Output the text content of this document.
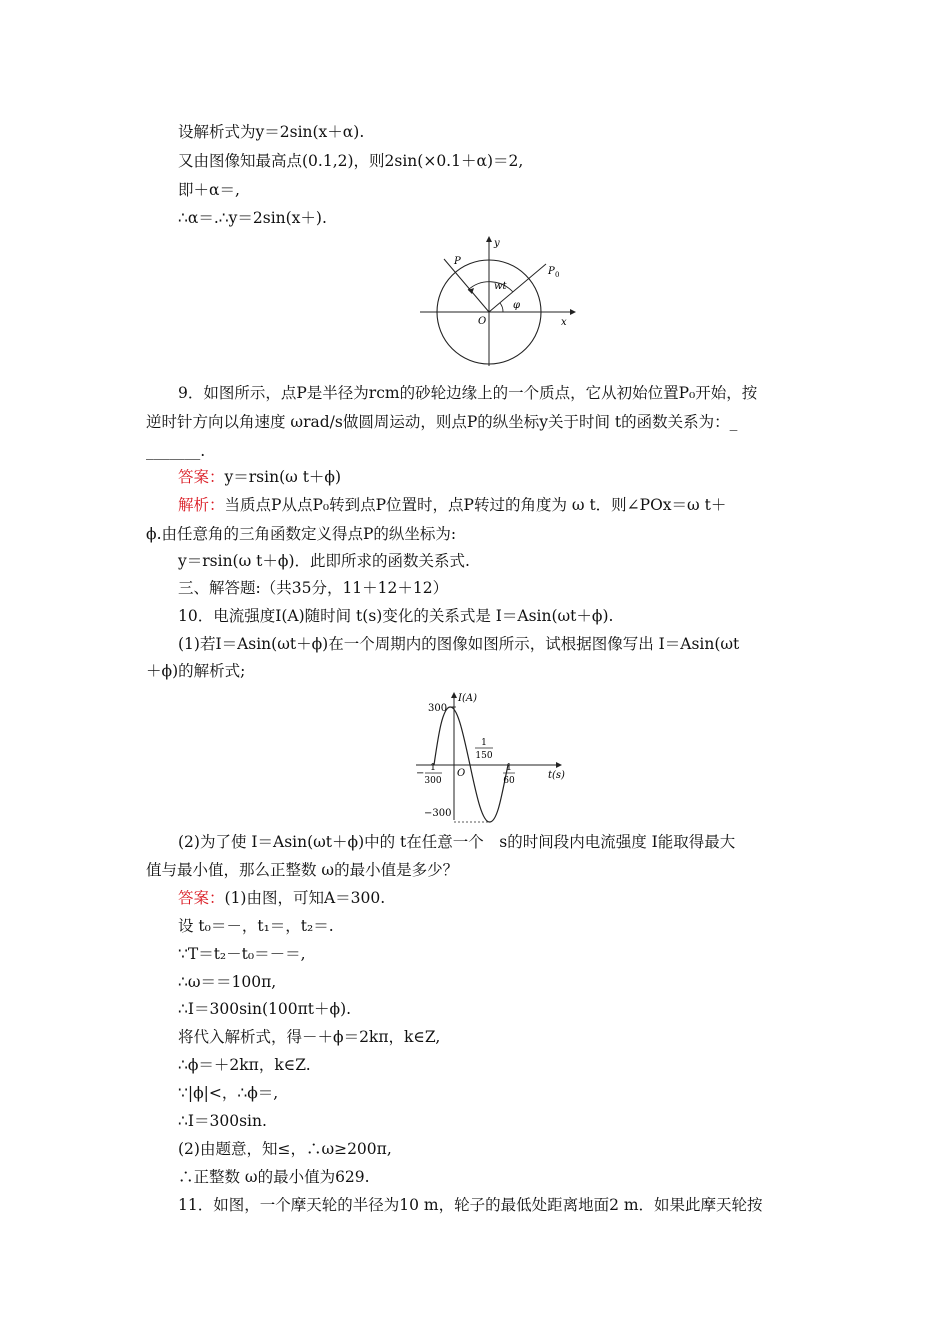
设解析式为y＝2sin(x＋α).
又由图像知最高点(0.1,2)，则2sin(×0.1＋α)＝2,
即＋α＝,
∴α＝.∴y＝2sin(x＋).
y
x
O
P
P 0
wt
φ
9．如图所示，点P是半径为rcm的砂轮边缘上的一个质点，它从初始位置P₀开始，按
逆时针方向以角速度 ωrad/s做圆周运动，则点P的纵坐标y关于时间 t的函数关系为：_
_______.
答案：y＝rsin(ω t＋ϕ)
解析：当质点P从点P₀转到点P位置时，点P转过的角度为 ω t．则∠POx＝ω t＋
ϕ.由任意角的三角函数定义得点P的纵坐标为:
y＝rsin(ω t＋ϕ)．此即所求的函数关系式.
三、解答题:（共35分，11＋12＋12）
10．电流强度I(A)随时间 t(s)变化的关系式是 I＝Asin(ωt＋ϕ).
(1)若I＝Asin(ωt＋ϕ)在一个周期内的图像如图所示，试根据图像写出 I＝Asin(ωt
＋ϕ)的解析式;
I(A)
t(s)
300
−300
O
− 1
300
1
150
1
60
(2)为了使 I＝Asin(ωt＋ϕ)中的 t在任意一个　s的时间段内电流强度 I能取得最大
值与最小值，那么正整数 ω的最小值是多少？
答案：(1)由图，可知A＝300.
设 t₀＝－，t₁＝，t₂＝.
∵T＝t₂－t₀＝－＝,
∴ω＝＝100π,
∴I＝300sin(100πt＋ϕ).
将代入解析式，得－＋ϕ＝2kπ，k∈Z,
∴ϕ＝＋2kπ，k∈Z.
∵|ϕ|<，∴ϕ＝,
∴I＝300sin.
(2)由题意，知≤，∴ω≥200π,
∴正整数 ω的最小值为629.
11．如图，一个摩天轮的半径为10 m，轮子的最低处距离地面2 m．如果此摩天轮按
